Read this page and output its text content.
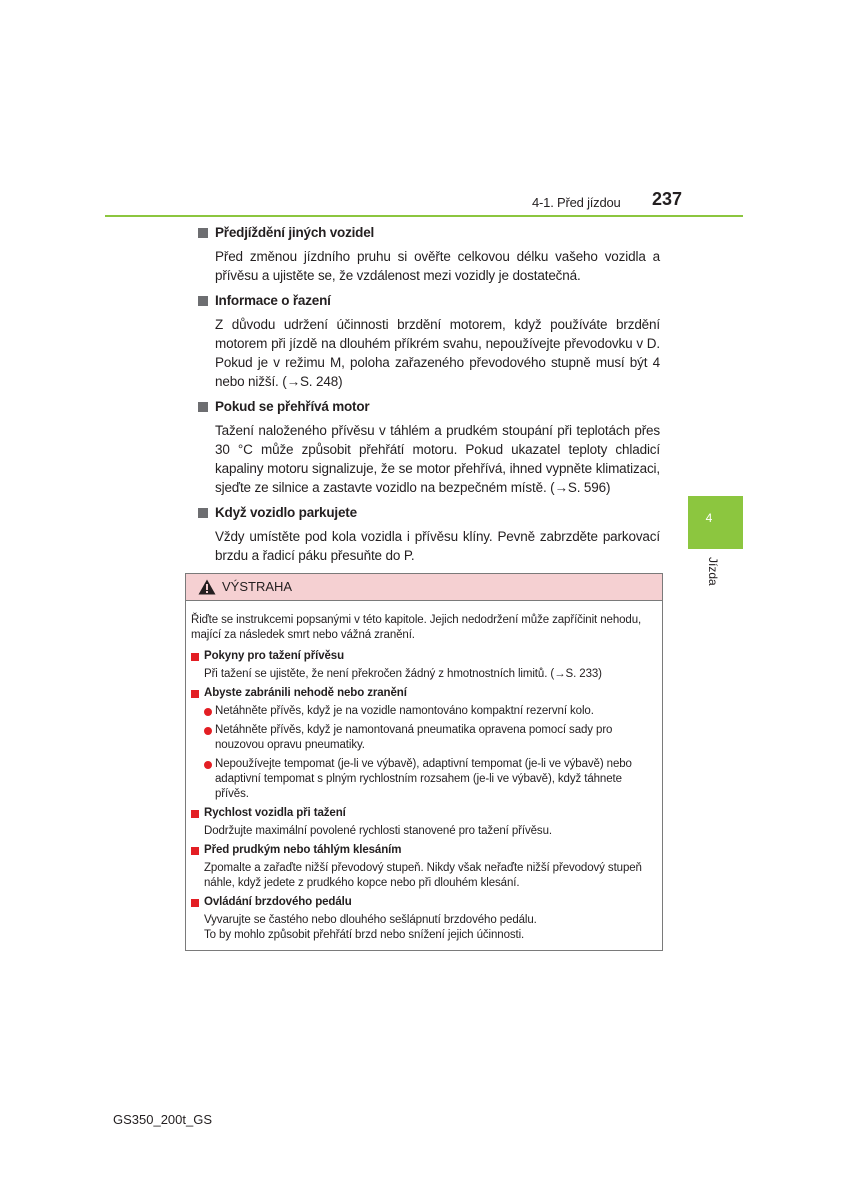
4-1. Před jízdou 237
4
Jízda
Předjíždění jiných vozidel
Před změnou jízdního pruhu si ověřte celkovou délku vašeho vozidla a přívěsu a ujistěte se, že vzdálenost mezi vozidly je dostatečná.
Informace o řazení
Z důvodu udržení účinnosti brzdění motorem, když používáte brzdění motorem při jízdě na dlouhém příkrém svahu, nepoužívejte převodovku v D. Pokud je v režimu M, poloha zařazeného převodového stupně musí být 4 nebo nižší. (→S. 248)
Pokud se přehřívá motor
Tažení naloženého přívěsu v táhlém a prudkém stoupání při teplotách přes 30 °C může způsobit přehřátí motoru. Pokud ukazatel teploty chladicí kapaliny motoru signalizuje, že se motor přehřívá, ihned vypněte klimatizaci, sjeďte ze silnice a zastavte vozidlo na bezpečném místě. (→S. 596)
Když vozidlo parkujete
Vždy umístěte pod kola vozidla i přívěsu klíny. Pevně zabrzděte parkovací brzdu a řadicí páku přesuňte do P.
VÝSTRAHA
Řiďte se instrukcemi popsanými v této kapitole. Jejich nedodržení může zapříčinit nehodu, mající za následek smrt nebo vážná zranění.
Pokyny pro tažení přívěsu
Při tažení se ujistěte, že není překročen žádný z hmotnostních limitů. (→S. 233)
Abyste zabránili nehodě nebo zranění
Netáhněte přívěs, když je na vozidle namontováno kompaktní rezervní kolo.
Netáhněte přívěs, když je namontovaná pneumatika opravena pomocí sady pro nouzovou opravu pneumatiky.
Nepoužívejte tempomat (je-li ve výbavě), adaptivní tempomat (je-li ve výbavě) nebo adaptivní tempomat s plným rychlostním rozsahem (je-li ve výbavě), když táhnete přívěs.
Rychlost vozidla při tažení
Dodržujte maximální povolené rychlosti stanovené pro tažení přívěsu.
Před prudkým nebo táhlým klesáním
Zpomalte a zařaďte nižší převodový stupeň. Nikdy však neřaďte nižší převodový stupeň náhle, když jedete z prudkého kopce nebo při dlouhém klesání.
Ovládání brzdového pedálu
Vyvarujte se častého nebo dlouhého sešlápnutí brzdového pedálu.
To by mohlo způsobit přehřátí brzd nebo snížení jejich účinnosti.
GS350_200t_GS
